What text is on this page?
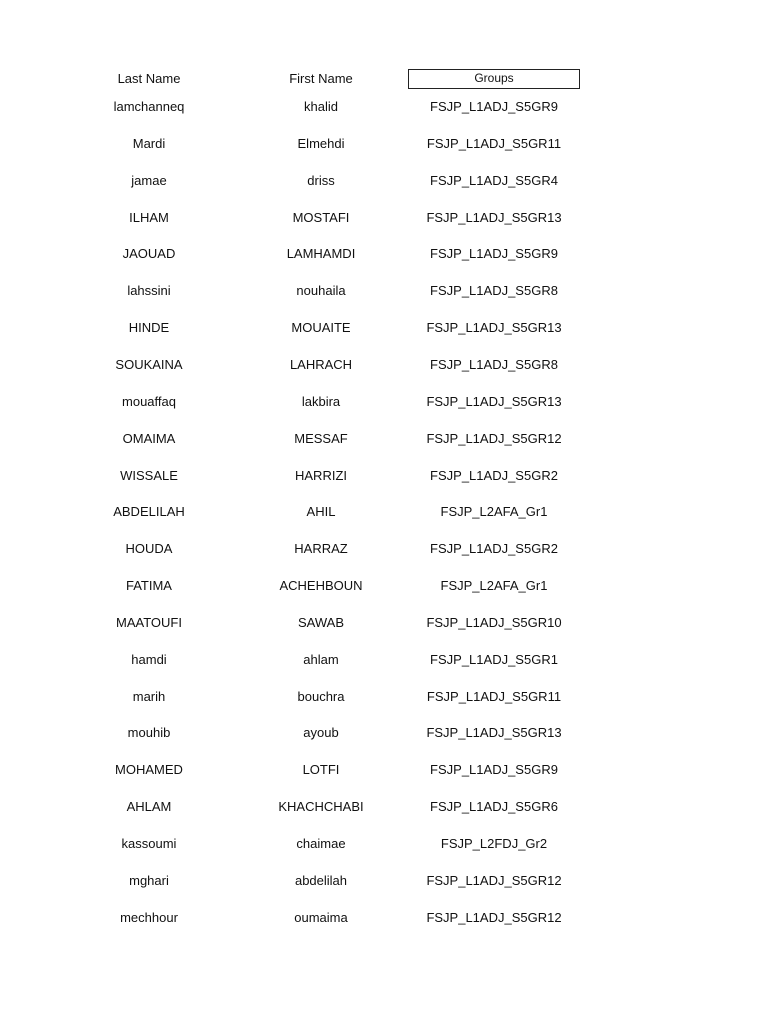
Last Name	First Name	Groups
lamchanneq	khalid	FSJP_L1ADJ_S5GR9
Mardi	Elmehdi	FSJP_L1ADJ_S5GR11
jamae	driss	FSJP_L1ADJ_S5GR4
ILHAM	MOSTAFI	FSJP_L1ADJ_S5GR13
JAOUAD	LAMHAMDI	FSJP_L1ADJ_S5GR9
lahssini	nouhaila	FSJP_L1ADJ_S5GR8
HINDE	MOUAITE	FSJP_L1ADJ_S5GR13
SOUKAINA	LAHRACH	FSJP_L1ADJ_S5GR8
mouaffaq	lakbira	FSJP_L1ADJ_S5GR13
OMAIMA	MESSAF	FSJP_L1ADJ_S5GR12
WISSALE	HARRIZI	FSJP_L1ADJ_S5GR2
ABDELILAH	AHIL	FSJP_L2AFA_Gr1
HOUDA	HARRAZ	FSJP_L1ADJ_S5GR2
FATIMA	ACHEHBOUN	FSJP_L2AFA_Gr1
MAATOUFI	SAWAB	FSJP_L1ADJ_S5GR10
hamdi	ahlam	FSJP_L1ADJ_S5GR1
marih	bouchra	FSJP_L1ADJ_S5GR11
mouhib	ayoub	FSJP_L1ADJ_S5GR13
MOHAMED	LOTFI	FSJP_L1ADJ_S5GR9
AHLAM	KHACHCHABI	FSJP_L1ADJ_S5GR6
kassoumi	chaimae	FSJP_L2FDJ_Gr2
mghari	abdelilah	FSJP_L1ADJ_S5GR12
mechhour	oumaima	FSJP_L1ADJ_S5GR12
